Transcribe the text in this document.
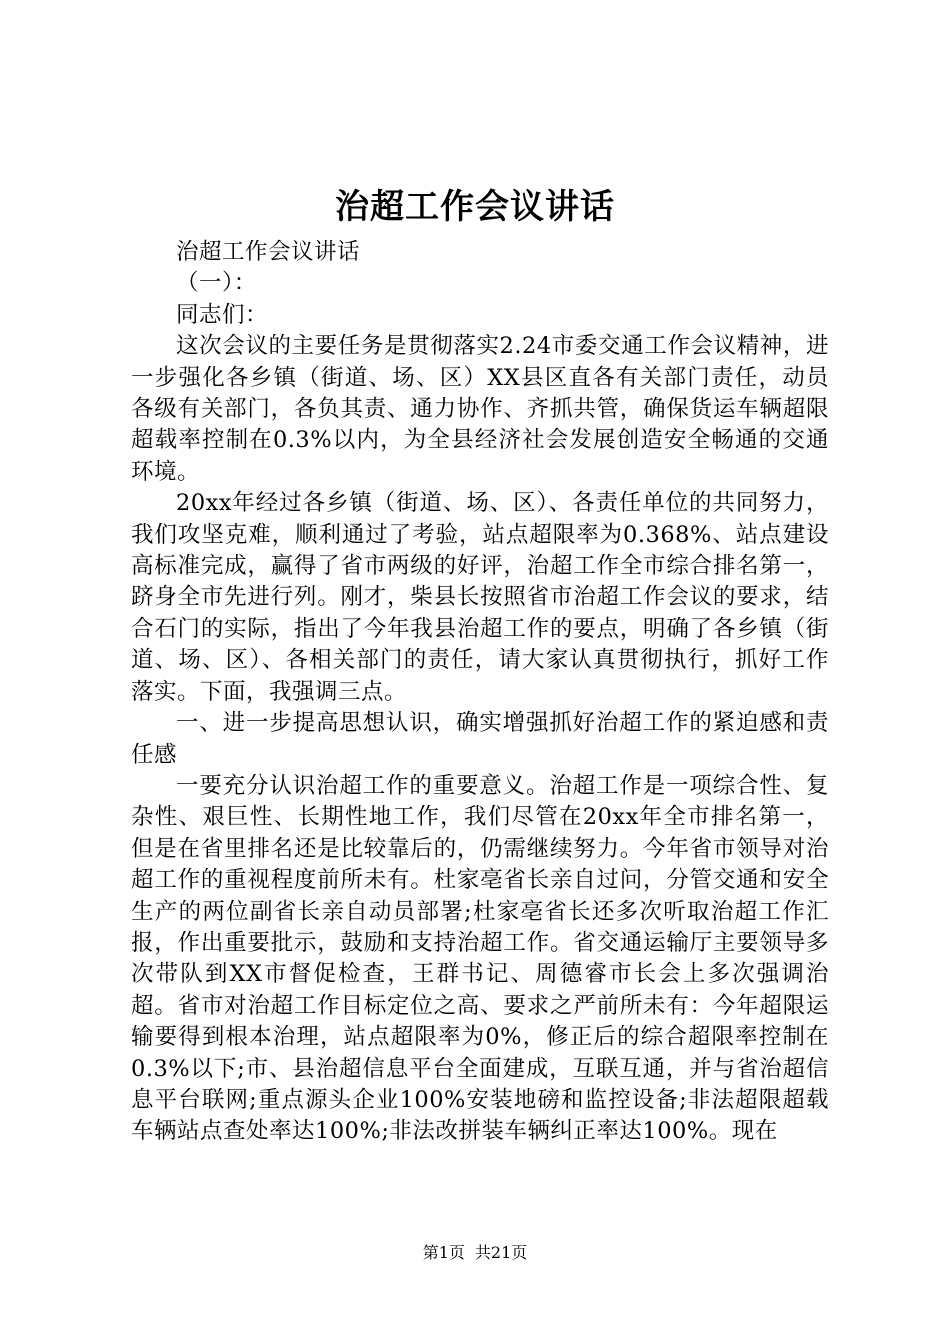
治超工作会议讲话

治超工作会议讲话

（一）：

同志们：

这次会议的主要任务是贯彻落实2.24市委交通工作会议精神，进一步强化各乡镇（街道、场、区）XX县区直各有关部门责任，动员各级有关部门，各负其责、通力协作、齐抓共管，确保货运车辆超限超载率控制在0.3%以内，为全县经济社会发展创造安全畅通的交通环境。

20xx年经过各乡镇（街道、场、区）、各责任单位的共同努力，我们攻坚克难，顺利通过了考验，站点超限率为0.368%、站点建设高标准完成，赢得了省市两级的好评，治超工作全市综合排名第一，跻身全市先进行列。刚才，柴县长按照省市治超工作会议的要求，结合石门的实际，指出了今年我县治超工作的要点，明确了各乡镇（街道、场、区）、各相关部门的责任，请大家认真贯彻执行，抓好工作落实。下面，我强调三点。

一、进一步提高思想认识，确实增强抓好治超工作的紧迫感和责任感

一要充分认识治超工作的重要意义。治超工作是一项综合性、复杂性、艰巨性、长期性地工作，我们尽管在20xx年全市排名第一，但是在省里排名还是比较靠后的，仍需继续努力。今年省市领导对治超工作的重视程度前所未有。杜家亳省长亲自过问，分管交通和安全生产的两位副省长亲自动员部署;杜家亳省长还多次听取治超工作汇报，作出重要批示，鼓励和支持治超工作。省交通运输厅主要领导多次带队到XX市督促检查，王群书记、周德睿市长会上多次强调治超。省市对治超工作目标定位之高、要求之严前所未有：今年超限运输要得到根本治理，站点超限率为0%，修正后的综合超限率控制在0.3%以下;市、县治超信息平台全面建成，互联互通，并与省治超信息平台联网;重点源头企业100%安装地磅和监控设备;非法超限超载车辆站点查处率达100%;非法改拼装车辆纠正率达100%。现在

第1页 共21页
